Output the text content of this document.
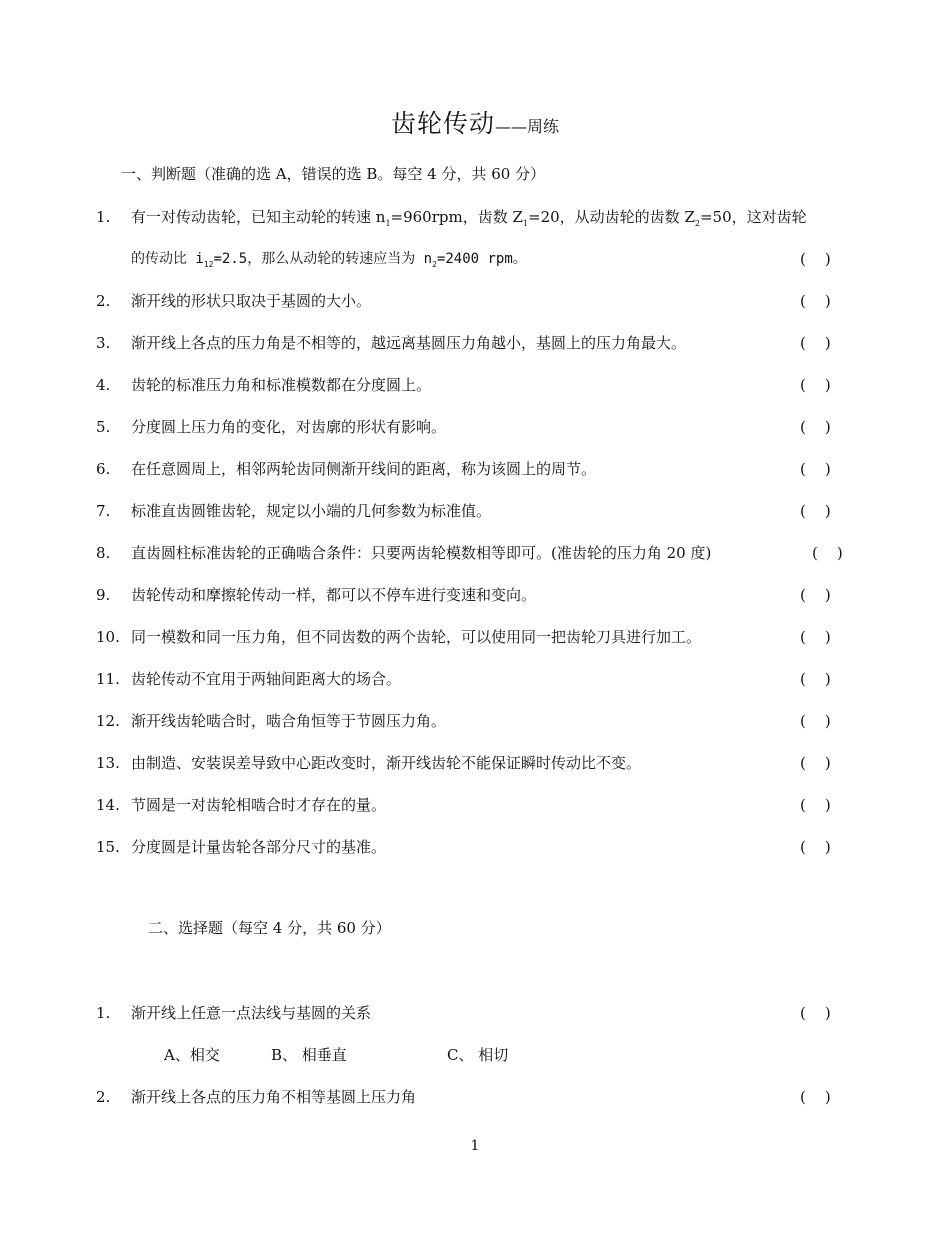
齿轮传动——周练
一、判断题（准确的选 A，错误的选 B。每空 4 分，共 60 分）
1. 有一对传动齿轮，已知主动轮的转速 $n_1=960rpm$，齿数 $Z_1=20$，从动齿轮的齿数 $Z_2=50$，这对齿轮
的传动比 $i_{12}=2.5$，那么从动轮的转速应当为 $n_2=2400$ rpm。	(    )
2. 渐开线的形状只取决于基圆的大小。	(    )
3. 渐开线上各点的压力角是不相等的，越远离基圆压力角越小，基圆上的压力角最大。	(    )
4. 齿轮的标准压力角和标准模数都在分度圆上。	(    )
5. 分度圆上压力角的变化，对齿廓的形状有影响。	(    )
6. 在任意圆周上，相邻两轮齿同侧渐开线间的距离，称为该圆上的周节。	(    )
7. 标准直齿圆锥齿轮，规定以小端的几何参数为标准值。	(    )
8. 直齿圆柱标准齿轮的正确啮合条件：只要两齿轮模数相等即可。(准齿轮的压力角 20 度)	(    )
9. 齿轮传动和摩擦轮传动一样，都可以不停车进行变速和变向。	(    )
10. 同一模数和同一压力角，但不同齿数的两个齿轮，可以使用同一把齿轮刀具进行加工。	(    )
11. 齿轮传动不宜用于两轴间距离大的场合。	(    )
12. 渐开线齿轮啮合时，啮合角恒等于节圆压力角。	(    )
13. 由制造、安装误差导致中心距改变时，渐开线齿轮不能保证瞬时传动比不变。	(    )
14. 节圆是一对齿轮相啮合时才存在的量。	(    )
15. 分度圆是计量齿轮各部分尺寸的基准。	(    )
二、选择题（每空 4 分，共 60 分）
1. 渐开线上任意一点法线与基圆的关系	(    )
A、相交	B、 相垂直	C、 相切
2. 渐开线上各点的压力角不相等基圆上压力角	(    )
1
